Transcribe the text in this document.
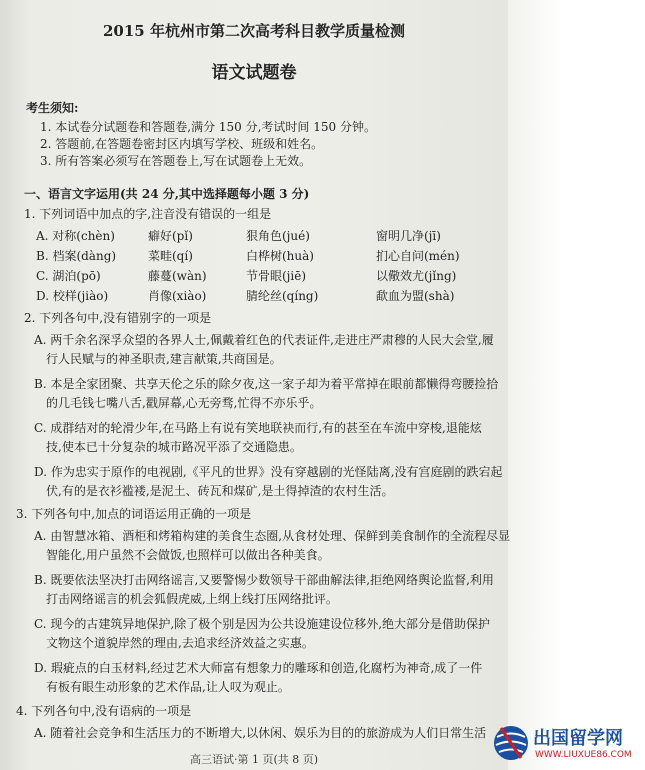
2015 年杭州市第二次高考科目教学质量检测
语文试题卷
考生须知:
1. 本试卷分试题卷和答题卷,满分 150 分,考试时间 150 分钟。
2. 答题前,在答题卷密封区内填写学校、班级和姓名。
3. 所有答案必须写在答题卷上,写在试题卷上无效。
一、语言文字运用(共 24 分,其中选择题每小题 3 分)
1. 下列词语中加点的字,注音没有错误的一组是
A. 对称(chèn)	癖好(pǐ)	狠角色(jué)	窗明几净(jī)
B. 档案(dàng)	菜畦(qí)	白桦树(huà)	扪心自问(mén)
C. 湖泊(pō)	藤蔓(wàn)	节骨眼(jiē)	以儆效尤(jǐng)
D. 校样(jiào)	肖像(xiào)	腈纶丝(qíng)	歃血为盟(shà)
2. 下列各句中,没有错别字的一项是
A. 两千余名深孚众望的各界人士,佩戴着红色的代表证件,走进庄严肃穆的人民大会堂,履
行人民赋与的神圣职责,建言献策,共商国是。
B. 本是全家团聚、共享天伦之乐的除夕夜,这一家子却为着平常掉在眼前都懒得弯腰捡拾
的几毛钱七嘴八舌,戳屏幕,心无旁骛,忙得不亦乐乎。
C. 成群结对的轮滑少年,在马路上有说有笑地联袂而行,有的甚至在车流中穿梭,退能炫
技,使本已十分复杂的城市路况平添了交通隐患。
D. 作为忠实于原作的电视剧,《平凡的世界》没有穿越剧的光怪陆离,没有宫庭剧的跌宕起
伏,有的是衣衫褴褛,是泥土、砖瓦和煤矿,是土得掉渣的农村生活。
3. 下列各句中,加点的词语运用正确的一项是
A. 由智慧冰箱、酒柜和烤箱构建的美食生态圈,从食材处理、保鲜到美食制作的全流程尽显
智能化,用户虽然不会做饭,也照样可以做出各种美食。
B. 既要依法坚决打击网络谣言,又要警惕少数领导干部曲解法律,拒绝网络舆论监督,利用
打击网络谣言的机会狐假虎威,上纲上线打压网络批评。
C. 现今的古建筑异地保护,除了极个别是因为公共设施建设位移外,绝大部分是借助保护
文物这个道貌岸然的理由,去追求经济效益之实惠。
D. 瑕疵点的白玉材料,经过艺术大师富有想象力的雕琢和创造,化腐朽为神奇,成了一件
有板有眼生动形象的艺术作品,让人叹为观止。
4. 下列各句中,没有语病的一项是
A. 随着社会竞争和生活压力的不断增大,以休闲、娱乐为目的的旅游成为人们日常生活
高三语试·第 1 页(共 8 页)
出国留学网
WWW.LIUXUE86.COM
